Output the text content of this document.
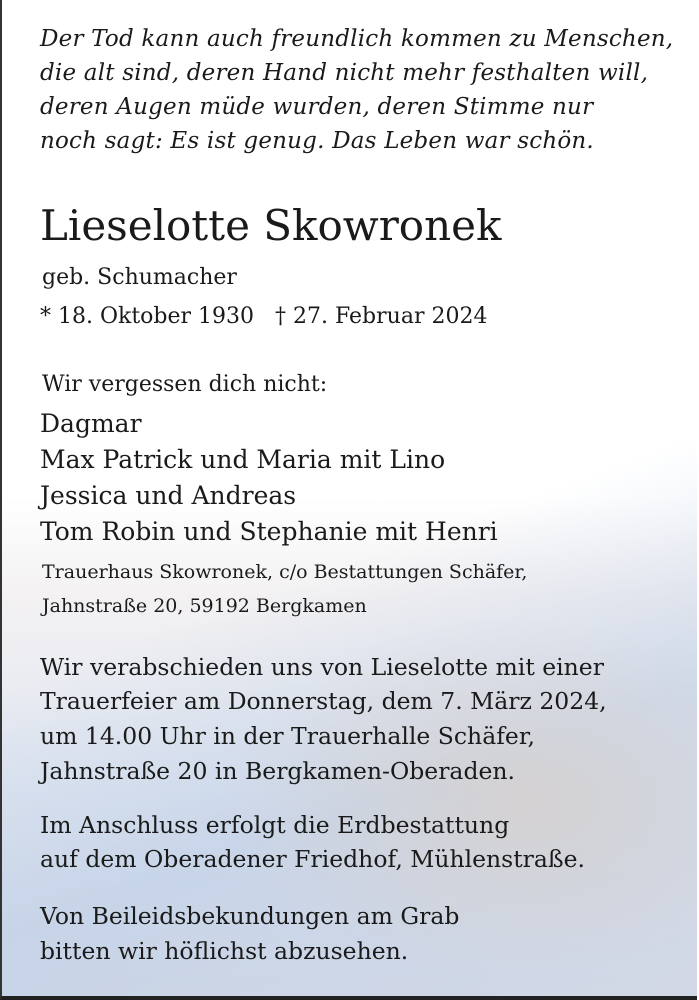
Der Tod kann auch freundlich kommen zu Menschen,
die alt sind, deren Hand nicht mehr festhalten will,
deren Augen müde wurden, deren Stimme nur
noch sagt: Es ist genug. Das Leben war schön.
Lieselotte Skowronek
geb. Schumacher
* 18. Oktober 1930   † 27. Februar 2024
Wir vergessen dich nicht:
Dagmar
Max Patrick und Maria mit Lino
Jessica und Andreas
Tom Robin und Stephanie mit Henri
Trauerhaus Skowronek, c/o Bestattungen Schäfer,
Jahnstraße 20, 59192 Bergkamen
Wir verabschieden uns von Lieselotte mit einer
Trauerfeier am Donnerstag, dem 7. März 2024,
um 14.00 Uhr in der Trauerhalle Schäfer,
Jahnstraße 20 in Bergkamen-Oberaden.
Im Anschluss erfolgt die Erdbestattung
auf dem Oberadener Friedhof, Mühlenstraße.
Von Beileidsbekundungen am Grab
bitten wir höflichst abzusehen.
